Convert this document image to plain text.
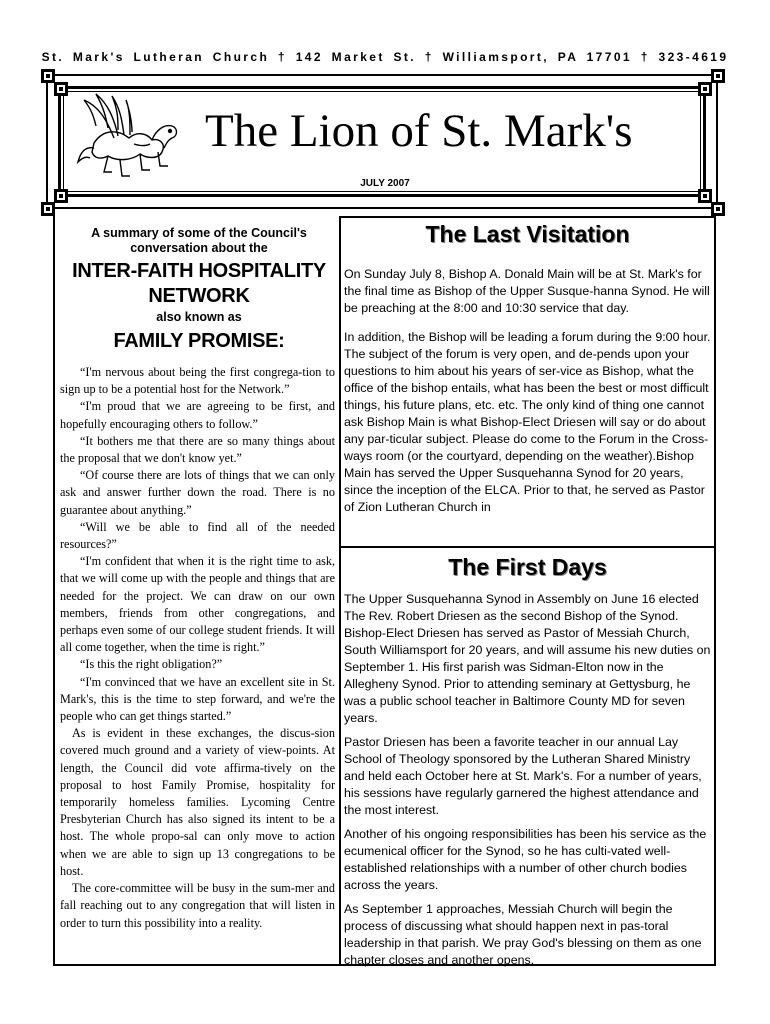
St. Mark's Lutheran Church † 142 Market St. † Williamsport, PA 17701 † 323-4619
The Lion of St. Mark's
JULY 2007
A summary of some of the Council's
conversation about the
INTER-FAITH HOSPITALITY
NETWORK
also known as
FAMILY PROMISE:

“I'm nervous about being the first congrega-tion to sign up to be a potential host for the Network.”

“I'm proud that we are agreeing to be first, and hopefully encouraging others to follow.”

“It bothers me that there are so many things about the proposal that we don't know yet.”

“Of course there are lots of things that we can only ask and answer further down the road. There is no guarantee about anything.”

“Will we be able to find all of the needed resources?”

“I'm confident that when it is the right time to ask, that we will come up with the people and things that are needed for the project. We can draw on our own members, friends from other congregations, and perhaps even some of our college student friends. It will all come together, when the time is right.”

“Is this the right obligation?”

“I'm convinced that we have an excellent site in St. Mark's, this is the time to step forward, and we're the people who can get things started.”

As is evident in these exchanges, the discus-sion covered much ground and a variety of view-points. At length, the Council did vote affirma-tively on the proposal to host Family Promise, hospitality for temporarily homeless families. Lycoming Centre Presbyterian Church has also signed its intent to be a host. The whole propo-sal can only move to action when we are able to sign up 13 congregations to be host.

The core-committee will be busy in the sum-mer and fall reaching out to any congregation that will listen in order to turn this possibility into a reality.

The Last Visitation

On Sunday July 8, Bishop A. Donald Main will be at St. Mark's for the final time as Bishop of the Upper Susque-hanna Synod. He will be preaching at the 8:00 and 10:30 service that day.

In addition, the Bishop will be leading a forum during the 9:00 hour. The subject of the forum is very open, and de-pends upon your questions to him about his years of ser-vice as Bishop, what the office of the bishop entails, what has been the best or most difficult things, his future plans, etc. etc. The only kind of thing one cannot ask Bishop Main is what Bishop-Elect Driesen will say or do about any par-ticular subject. Please do come to the Forum in the Cross-ways room (or the courtyard, depending on the weather).Bishop Main has served the Upper Susquehanna Synod for 20 years, since the inception of the ELCA. Prior to that, he served as Pastor of Zion Lutheran Church in

The First Days

The Upper Susquehanna Synod in Assembly on June 16 elected The Rev. Robert Driesen as the second Bishop of the Synod. Bishop-Elect Driesen has served as Pastor of Messiah Church, South Williamsport for 20 years, and will assume his new duties on September 1. His first parish was Sidman-Elton now in the Allegheny Synod. Prior to attending seminary at Gettysburg, he was a public school teacher in Baltimore County MD for seven years.

Pastor Driesen has been a favorite teacher in our annual Lay School of Theology sponsored by the Lutheran Shared Ministry and held each October here at St. Mark's. For a number of years, his sessions have regularly garnered the highest attendance and the most interest.

Another of his ongoing responsibilities has been his service as the ecumenical officer for the Synod, so he has culti-vated well-established relationships with a number of other church bodies across the years.

As September 1 approaches, Messiah Church will begin the process of discussing what should happen next in pas-toral leadership in that parish. We pray God's blessing on them as one chapter closes and another opens.
